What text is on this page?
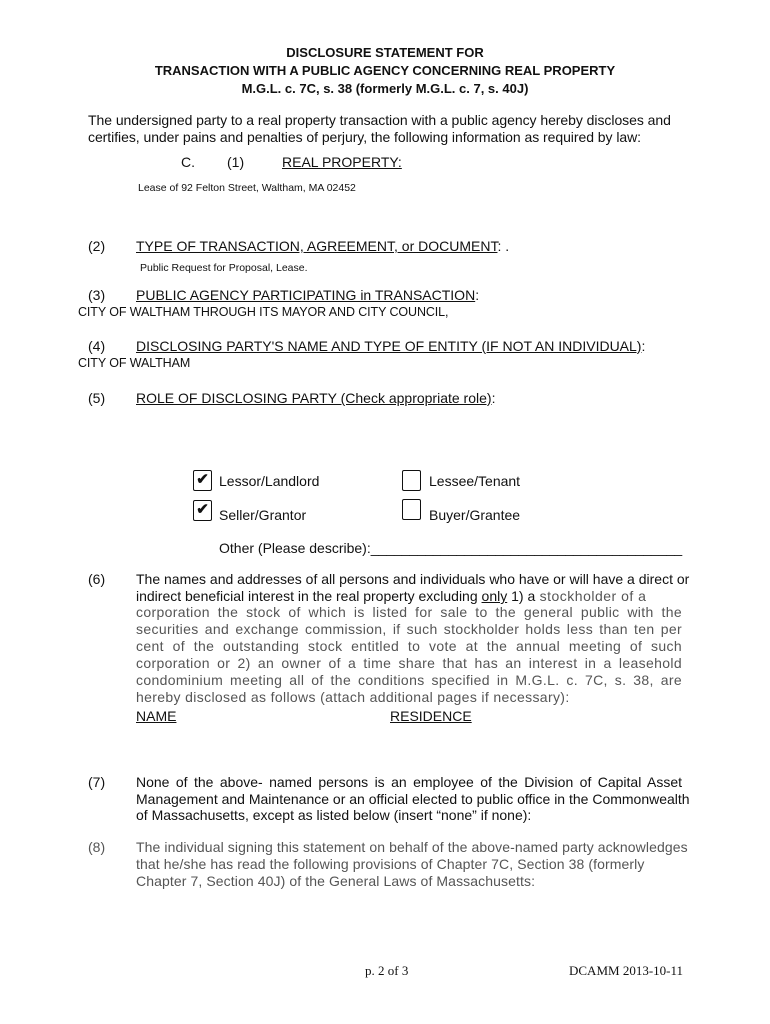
DISCLOSURE STATEMENT FOR
TRANSACTION WITH A PUBLIC AGENCY CONCERNING REAL PROPERTY
M.G.L. c. 7C, s. 38 (formerly M.G.L. c. 7, s. 40J)
The undersigned party to a real property transaction with a public agency hereby discloses and
certifies, under pains and penalties of perjury, the following information as required by law:
C. (1)	REAL PROPERTY:
Lease of 92 Felton Street, Waltham, MA 02452
(2) TYPE OF TRANSACTION, AGREEMENT, or DOCUMENT: .
Public Request for Proposal, Lease.
(3) PUBLIC AGENCY PARTICIPATING in TRANSACTION:
CITY OF WALTHAM THROUGH ITS MAYOR AND CITY COUNCIL,
(4) DISCLOSING PARTY'S NAME AND TYPE OF ENTITY (IF NOT AN INDIVIDUAL):
CITY OF WALTHAM
(5) ROLE OF DISCLOSING PARTY (Check appropriate role):
✔ Lessor/Landlord	Lessee/Tenant
✔ Seller/Grantor	Buyer/Grantee
Other (Please describe):________________________________________
(6) The names and addresses of all persons and individuals who have or will have a direct or
indirect beneficial interest in the real property excluding only 1) a stockholder of a
corporation the stock of which is listed for sale to the general public with the securities and exchange commission, if such stockholder holds less than ten per cent of the outstanding stock entitled to vote at the annual meeting of such corporation or 2) an owner of a time share that has an interest in a leasehold condominium meeting all of the conditions specified in M.G.L. c. 7C, s. 38, are hereby disclosed as follows (attach additional pages if necessary):
NAME	RESIDENCE
(7) None of the above- named persons is an employee of the Division of Capital Asset
Management and Maintenance or an official elected to public office in the Commonwealth
of Massachusetts, except as listed below (insert “none” if none):
(8) The individual signing this statement on behalf of the above-named party acknowledges
that he/she has read the following provisions of Chapter 7C, Section 38 (formerly
Chapter 7, Section 40J) of the General Laws of Massachusetts:
p. 2 of 3	DCAMM 2013-10-11
